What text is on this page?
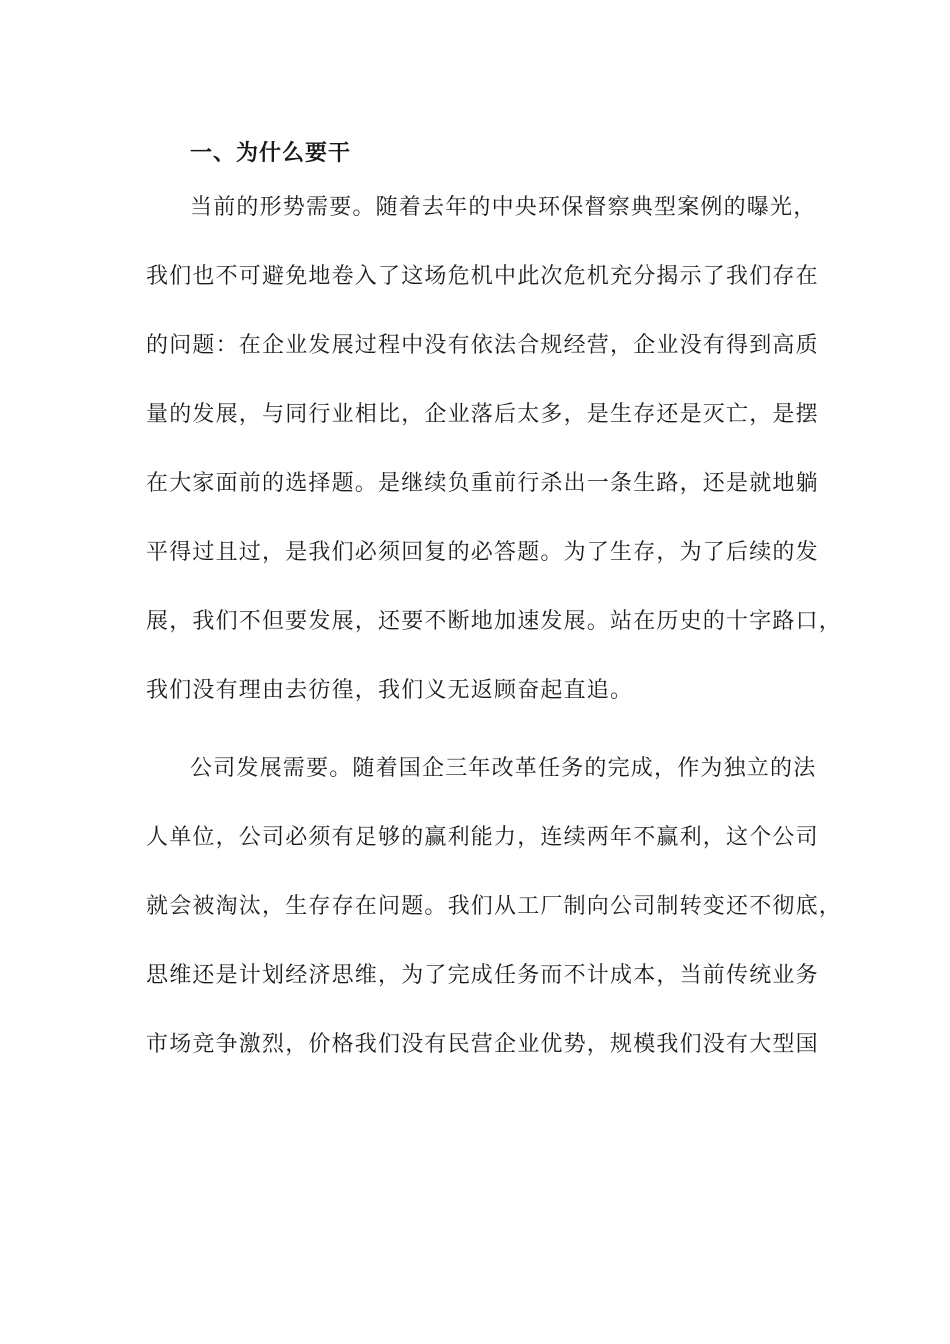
一、为什么要干
当前的形势需要。随着去年的中央环保督察典型案例的曝光，
我们也不可避免地卷入了这场危机中此次危机充分揭示了我们存在
的问题：在企业发展过程中没有依法合规经营，企业没有得到高质
量的发展，与同行业相比，企业落后太多，是生存还是灭亡，是摆
在大家面前的选择题。是继续负重前行杀出一条生路，还是就地躺
平得过且过，是我们必须回复的必答题。为了生存，为了后续的发
展，我们不但要发展，还要不断地加速发展。站在历史的十字路口，
我们没有理由去彷徨，我们义无返顾奋起直追。
公司发展需要。随着国企三年改革任务的完成，作为独立的法
人单位，公司必须有足够的赢利能力，连续两年不赢利，这个公司
就会被淘汰，生存存在问题。我们从工厂制向公司制转变还不彻底，
思维还是计划经济思维，为了完成任务而不计成本，当前传统业务
市场竞争激烈，价格我们没有民营企业优势，规模我们没有大型国
